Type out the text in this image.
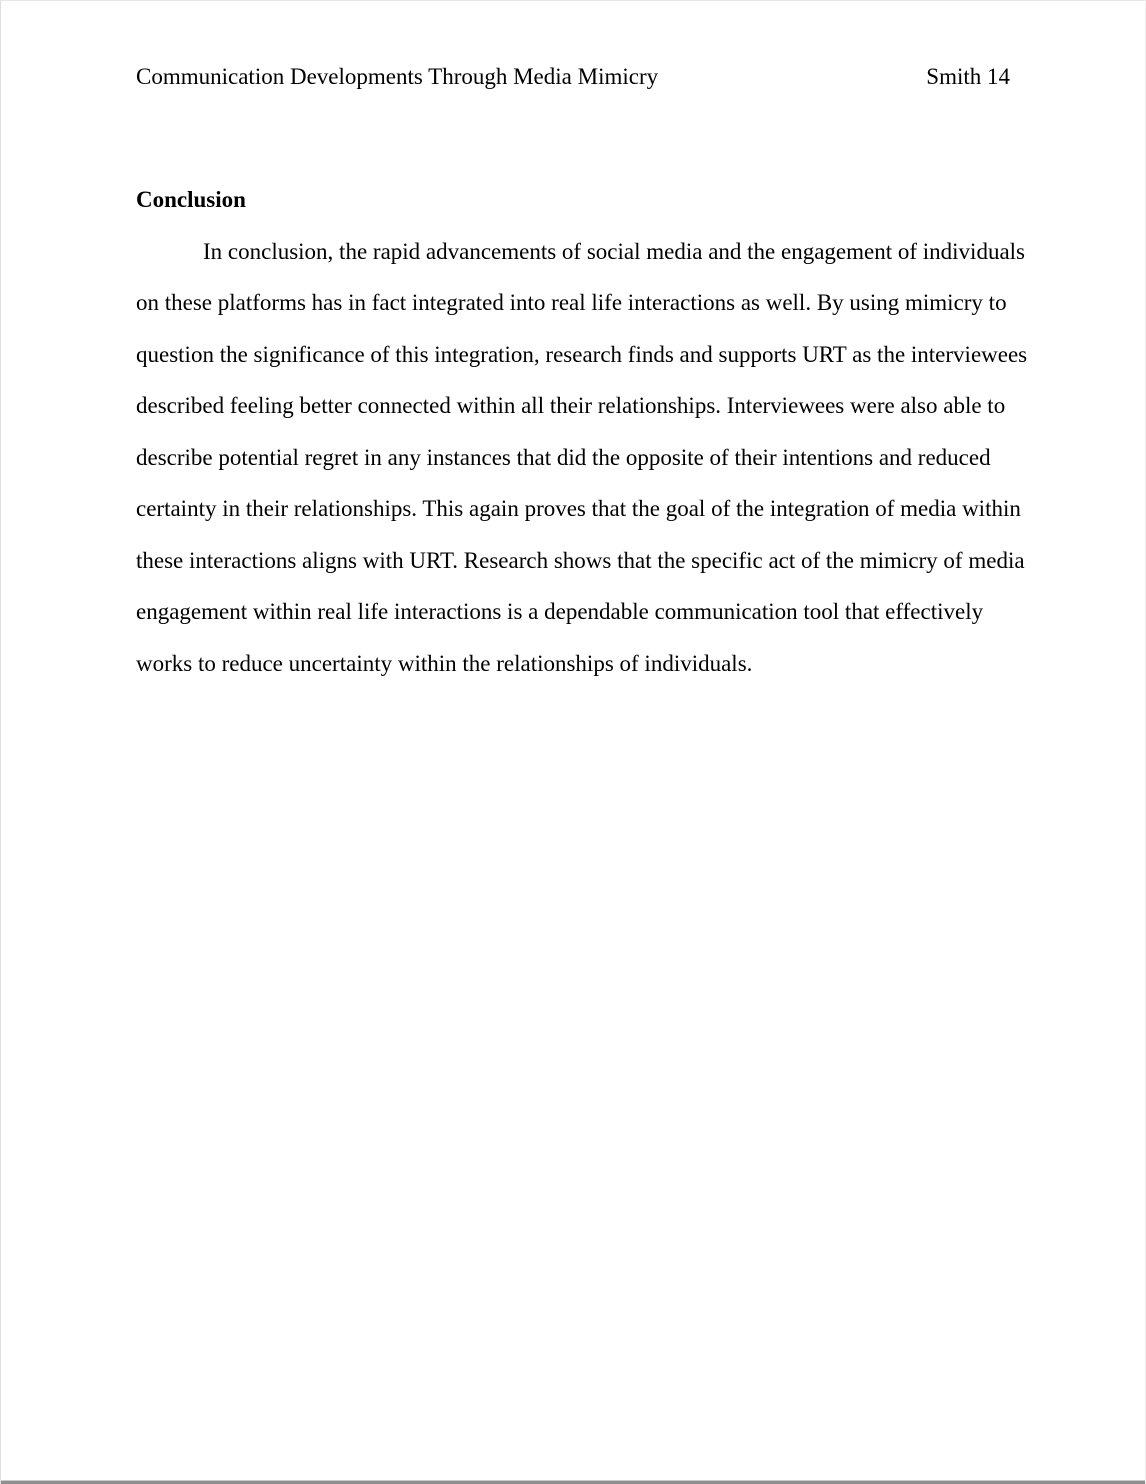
Communication Developments Through Media Mimicry	Smith 14
Conclusion
In conclusion, the rapid advancements of social media and the engagement of individuals
on these platforms has in fact integrated into real life interactions as well. By using mimicry to
question the significance of this integration, research finds and supports URT as the interviewees
described feeling better connected within all their relationships. Interviewees were also able to
describe potential regret in any instances that did the opposite of their intentions and reduced
certainty in their relationships. This again proves that the goal of the integration of media within
these interactions aligns with URT. Research shows that the specific act of the mimicry of media
engagement within real life interactions is a dependable communication tool that effectively
works to reduce uncertainty within the relationships of individuals.
